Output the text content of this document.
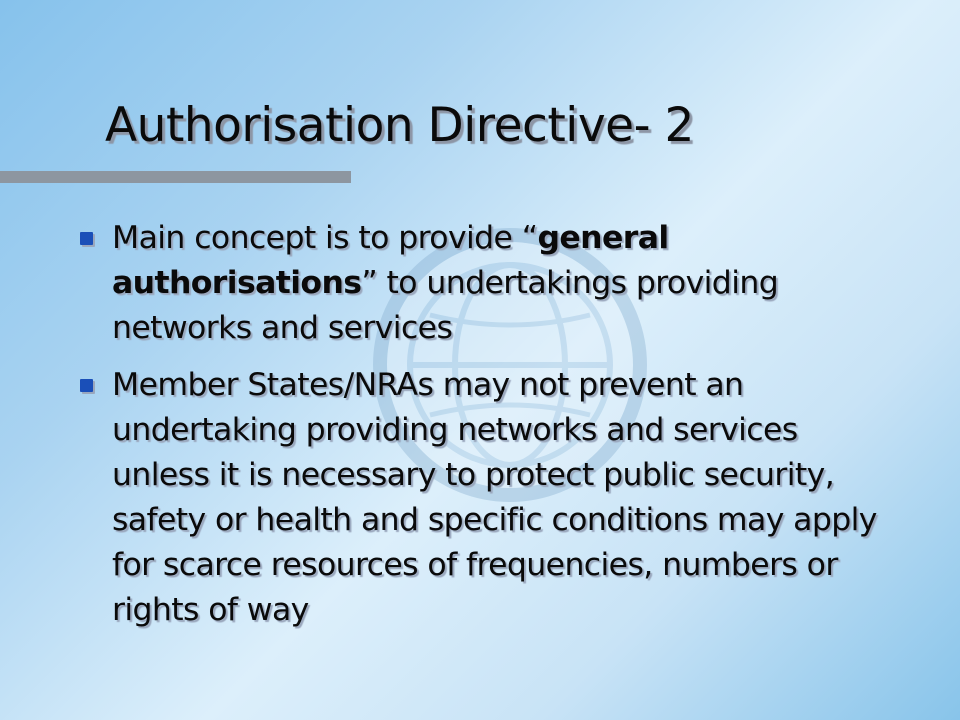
Authorisation Directive- 2
Main concept is to provide “general authorisations” to undertakings providing networks and services
Member States/NRAs may not prevent an undertaking providing networks and services unless it is necessary to protect public security, safety or health and specific conditions may apply for scarce resources of frequencies, numbers or rights of way
